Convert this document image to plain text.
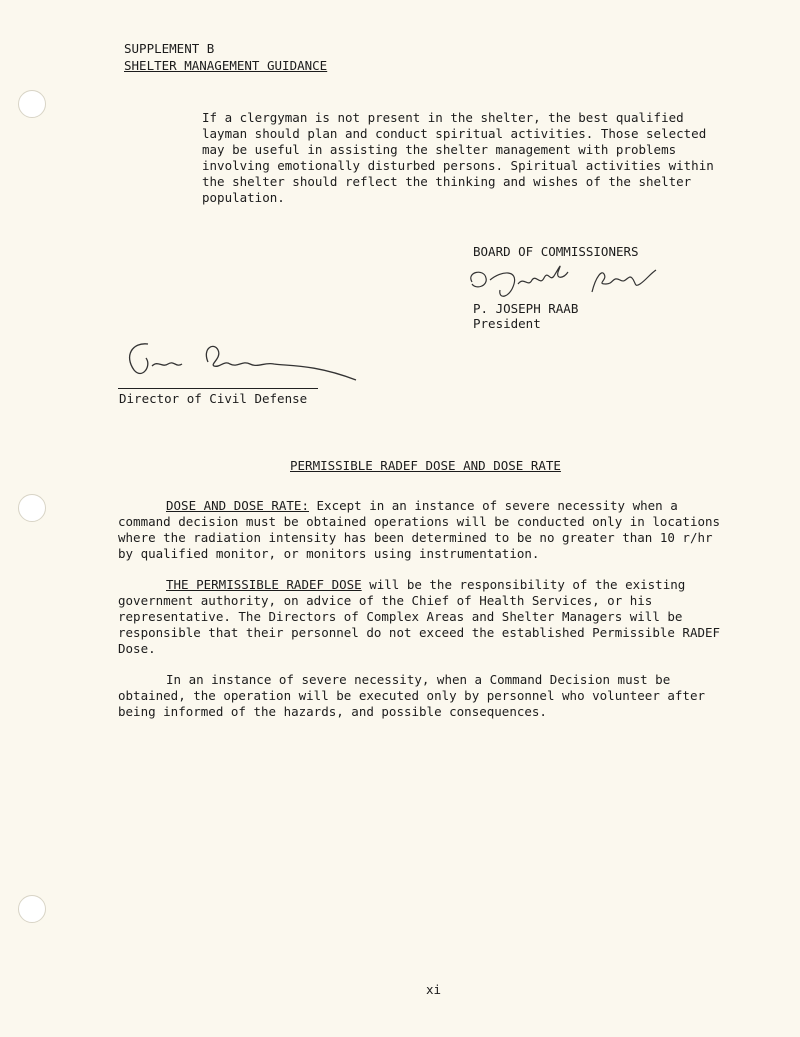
SUPPLEMENT B
SHELTER MANAGEMENT GUIDANCE

If a clergyman is not present in the shelter, the best qualified layman should plan and conduct spiritual activities. Those selected may be useful in assisting the shelter management with problems involving emotionally disturbed persons. Spiritual activities within the shelter should reflect the thinking and wishes of the shelter population.

BOARD OF COMMISSIONERS
P. JOSEPH RAAB
President
Director of Civil Defense
PERMISSIBLE RADEF DOSE AND DOSE RATE

DOSE AND DOSE RATE: Except in an instance of severe necessity when a command decision must be obtained operations will be conducted only in locations where the radiation intensity has been determined to be no greater than 10 r/hr by qualified monitor, or monitors using instrumentation.

THE PERMISSIBLE RADEF DOSE will be the responsibility of the existing government authority, on advice of the Chief of Health Services, or his representative. The Directors of Complex Areas and Shelter Managers will be responsible that their personnel do not exceed the established Permissible RADEF Dose.

In an instance of severe necessity, when a Command Decision must be obtained, the operation will be executed only by personnel who volunteer after being informed of the hazards, and possible consequences.

xi
